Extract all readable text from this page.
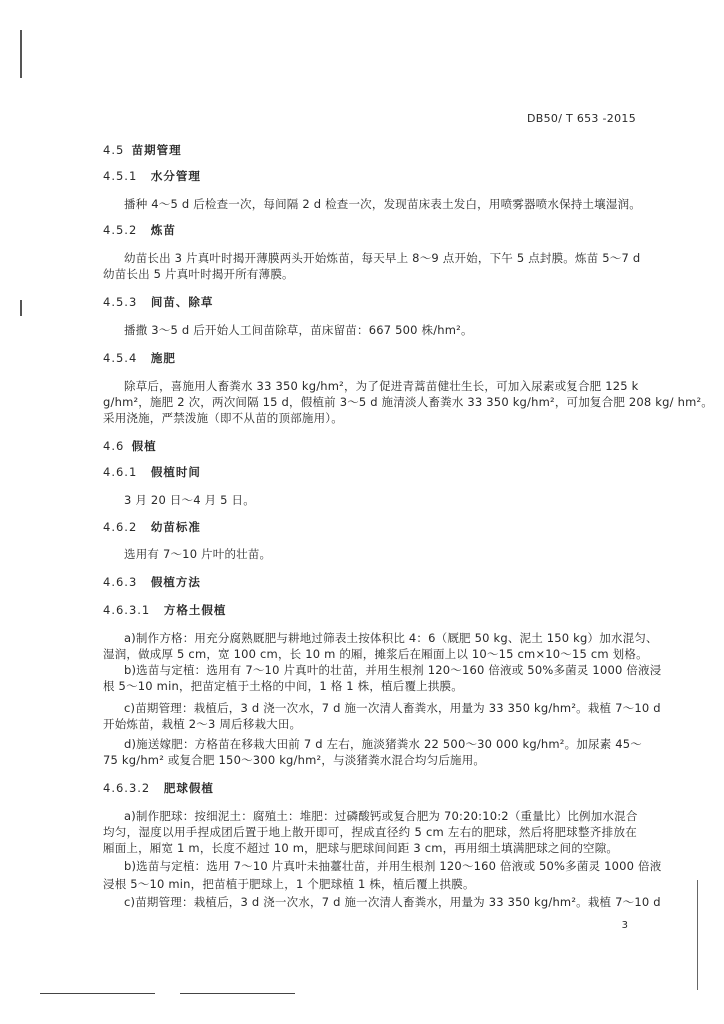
DB50/ T 653 -2015
4.5 苗期管理
4.5.1 水分管理
播种 4～5 d 后检查一次，每间隔 2 d 检查一次，发现苗床表土发白，用喷雾器喷水保持土壤湿润。
4.5.2 炼苗
幼苗长出 3 片真叶时揭开薄膜两头开始炼苗，每天早上 8～9 点开始，下午 5 点封膜。炼苗 5～7 d
幼苗长出 5 片真叶时揭开所有薄膜。
4.5.3 间苗、除草
播撒 3～5 d 后开始人工间苗除草，苗床留苗：667 500 株/hm²。
4.5.4 施肥
除草后，喜施用人畜粪水 33 350 kg/hm²，为了促进青蒿苗健壮生长，可加入尿素或复合肥 125 k
g/hm²，施肥 2 次，两次间隔 15 d，假植前 3～5 d 施清淡人畜粪水 33 350 kg/hm²，可加复合肥 208 kg/ hm²。
采用浇施，严禁泼施（即不从苗的顶部施用）。
4.6 假植
4.6.1 假植时间
3 月 20 日～4 月 5 日。
4.6.2 幼苗标准
选用有 7～10 片叶的壮苗。
4.6.3 假植方法
4.6.3.1 方格土假植
a)制作方格：用充分腐熟厩肥与耕地过筛表土按体积比 4：6（厩肥 50 kg、泥土 150 kg）加水混匀、
湿润，做成厚 5 cm，宽 100 cm，长 10 m 的厢，摊浆后在厢面上以 10～15 cm×10～15 cm 划格。
b)选苗与定植：选用有 7～10 片真叶的壮苗，并用生根剂 120～160 倍液或 50%多菌灵 1000 倍液浸
根 5～10 min，把苗定植于土格的中间，1 格 1 株，植后覆上拱膜。
c)苗期管理：栽植后，3 d 浇一次水，7 d 施一次清人畜粪水，用量为 33 350 kg/hm²。栽植 7～10 d
开始炼苗，栽植 2～3 周后移栽大田。
d)施送嫁肥：方格苗在移栽大田前 7 d 左右，施淡猪粪水 22 500～30 000 kg/hm²。加尿素 45～
75 kg/hm² 或复合肥 150～300 kg/hm²，与淡猪粪水混合均匀后施用。
4.6.3.2 肥球假植
a)制作肥球：按细泥土：腐殖土：堆肥：过磷酸钙或复合肥为 70:20:10:2（重量比）比例加水混合
均匀，湿度以用手捏成团后置于地上散开即可，捏成直径约 5 cm 左右的肥球，然后将肥球整齐排放在
厢面上，厢宽 1 m，长度不超过 10 m，肥球与肥球间间距 3 cm，再用细土填满肥球之间的空隙。
b)选苗与定植：选用 7～10 片真叶未抽薹壮苗，并用生根剂 120～160 倍液或 50%多菌灵 1000 倍液
浸根 5～10 min，把苗植于肥球上，1 个肥球植 1 株，植后覆上拱膜。
c)苗期管理：栽植后，3 d 浇一次水，7 d 施一次清人畜粪水，用量为 33 350 kg/hm²。栽植 7～10 d
3
